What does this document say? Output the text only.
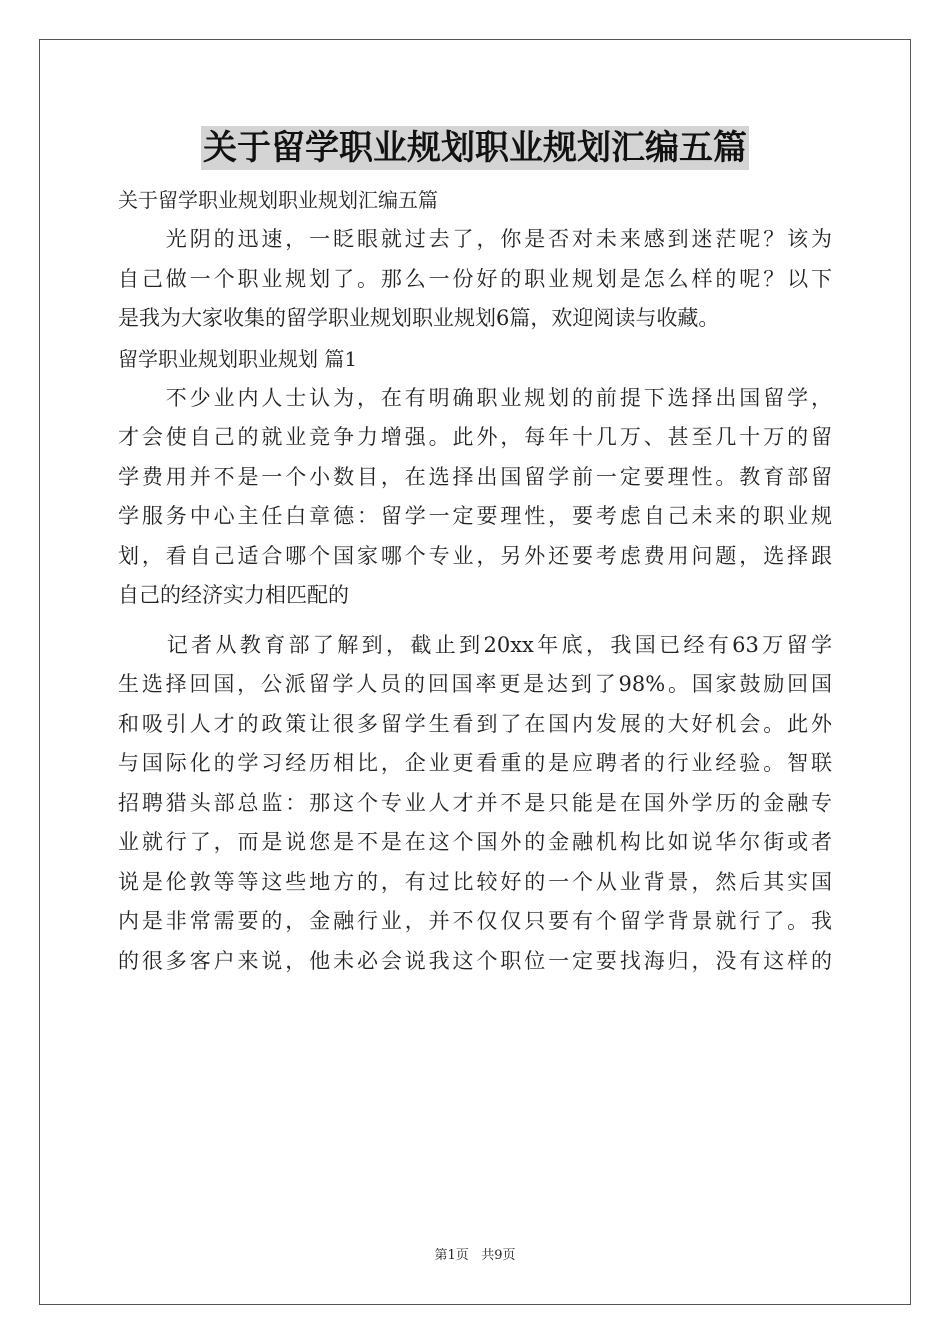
关于留学职业规划职业规划汇编五篇
关于留学职业规划职业规划汇编五篇
　　光阴的迅速，一眨眼就过去了，你是否对未来感到迷茫呢？该为
自己做一个职业规划了。那么一份好的职业规划是怎么样的呢？以下
是我为大家收集的留学职业规划职业规划6篇，欢迎阅读与收藏。
留学职业规划职业规划 篇1
　　不少业内人士认为，在有明确职业规划的前提下选择出国留学，
才会使自己的就业竞争力增强。此外，每年十几万、甚至几十万的留
学费用并不是一个小数目，在选择出国留学前一定要理性。教育部留
学服务中心主任白章德：留学一定要理性，要考虑自己未来的职业规
划，看自己适合哪个国家哪个专业，另外还要考虑费用问题，选择跟
自己的经济实力相匹配的
　　记者从教育部了解到，截止到20xx年底，我国已经有63万留学
生选择回国，公派留学人员的回国率更是达到了98%。国家鼓励回国
和吸引人才的政策让很多留学生看到了在国内发展的大好机会。此外
与国际化的学习经历相比，企业更看重的是应聘者的行业经验。智联
招聘猎头部总监：那这个专业人才并不是只能是在国外学历的金融专
业就行了，而是说您是不是在这个国外的金融机构比如说华尔街或者
说是伦敦等等这些地方的，有过比较好的一个从业背景，然后其实国
内是非常需要的，金融行业，并不仅仅只要有个留学背景就行了。我
的很多客户来说，他未必会说我这个职位一定要找海归，没有这样的
第1页 共9页
